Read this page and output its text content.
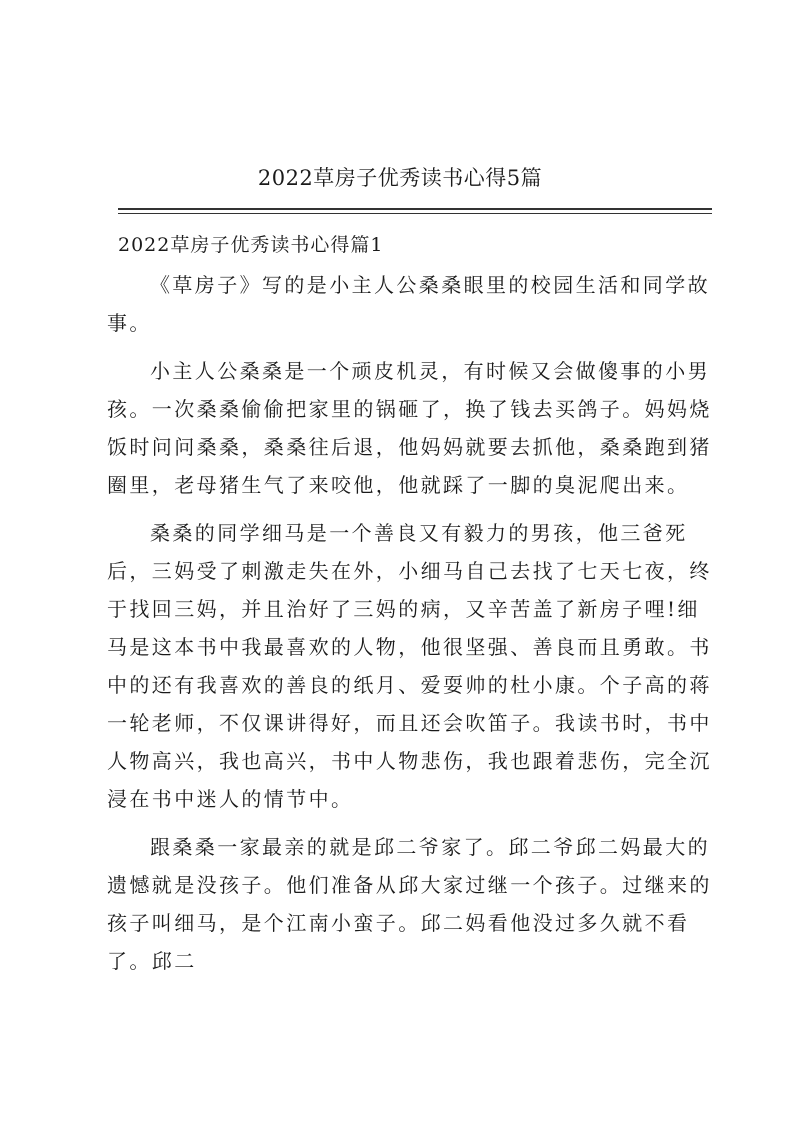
2022草房子优秀读书心得5篇
2022草房子优秀读书心得篇1

《草房子》写的是小主人公桑桑眼里的校园生活和同学故事。

小主人公桑桑是一个顽皮机灵，有时候又会做傻事的小男孩。一次桑桑偷偷把家里的锅砸了，换了钱去买鸽子。妈妈烧饭时问问桑桑，桑桑往后退，他妈妈就要去抓他，桑桑跑到猪圈里，老母猪生气了来咬他，他就踩了一脚的臭泥爬出来。

桑桑的同学细马是一个善良又有毅力的男孩，他三爸死后，三妈受了刺激走失在外，小细马自己去找了七天七夜，终于找回三妈，并且治好了三妈的病，又辛苦盖了新房子哩!细马是这本书中我最喜欢的人物，他很坚强、善良而且勇敢。书中的还有我喜欢的善良的纸月、爱耍帅的杜小康。个子高的蒋一轮老师，不仅课讲得好，而且还会吹笛子。我读书时，书中人物高兴，我也高兴，书中人物悲伤，我也跟着悲伤，完全沉浸在书中迷人的情节中。

跟桑桑一家最亲的就是邱二爷家了。邱二爷邱二妈最大的遗憾就是没孩子。他们准备从邱大家过继一个孩子。过继来的孩子叫细马，是个江南小蛮子。邱二妈看他没过多久就不看了。邱二
